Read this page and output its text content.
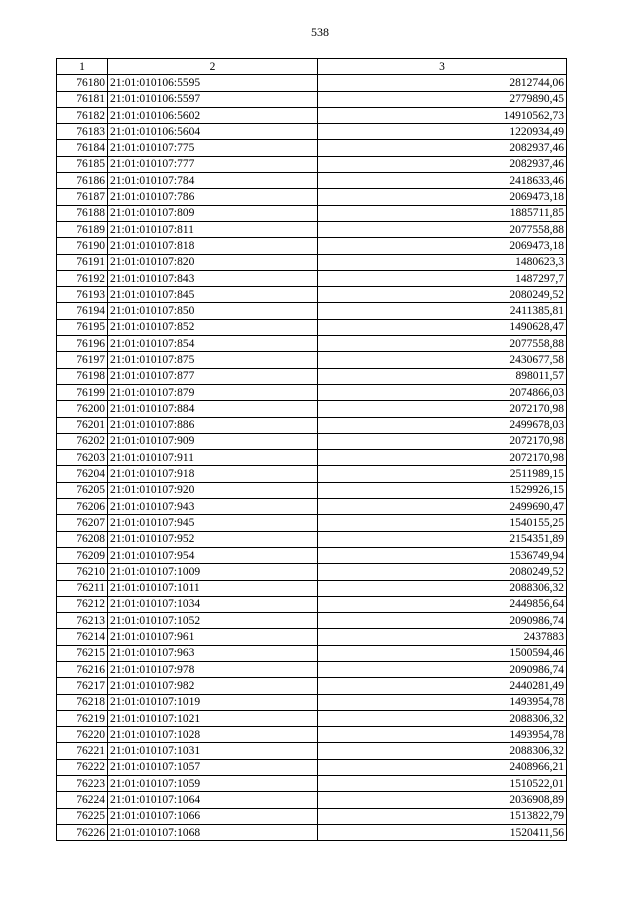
538
1	2	3
76180	21:01:010106:5595	2812744,06
76181	21:01:010106:5597	2779890,45
76182	21:01:010106:5602	14910562,73
76183	21:01:010106:5604	1220934,49
76184	21:01:010107:775	2082937,46
76185	21:01:010107:777	2082937,46
76186	21:01:010107:784	2418633,46
76187	21:01:010107:786	2069473,18
76188	21:01:010107:809	1885711,85
76189	21:01:010107:811	2077558,88
76190	21:01:010107:818	2069473,18
76191	21:01:010107:820	1480623,3
76192	21:01:010107:843	1487297,7
76193	21:01:010107:845	2080249,52
76194	21:01:010107:850	2411385,81
76195	21:01:010107:852	1490628,47
76196	21:01:010107:854	2077558,88
76197	21:01:010107:875	2430677,58
76198	21:01:010107:877	898011,57
76199	21:01:010107:879	2074866,03
76200	21:01:010107:884	2072170,98
76201	21:01:010107:886	2499678,03
76202	21:01:010107:909	2072170,98
76203	21:01:010107:911	2072170,98
76204	21:01:010107:918	2511989,15
76205	21:01:010107:920	1529926,15
76206	21:01:010107:943	2499690,47
76207	21:01:010107:945	1540155,25
76208	21:01:010107:952	2154351,89
76209	21:01:010107:954	1536749,94
76210	21:01:010107:1009	2080249,52
76211	21:01:010107:1011	2088306,32
76212	21:01:010107:1034	2449856,64
76213	21:01:010107:1052	2090986,74
76214	21:01:010107:961	2437883
76215	21:01:010107:963	1500594,46
76216	21:01:010107:978	2090986,74
76217	21:01:010107:982	2440281,49
76218	21:01:010107:1019	1493954,78
76219	21:01:010107:1021	2088306,32
76220	21:01:010107:1028	1493954,78
76221	21:01:010107:1031	2088306,32
76222	21:01:010107:1057	2408966,21
76223	21:01:010107:1059	1510522,01
76224	21:01:010107:1064	2036908,89
76225	21:01:010107:1066	1513822,79
76226	21:01:010107:1068	1520411,56
